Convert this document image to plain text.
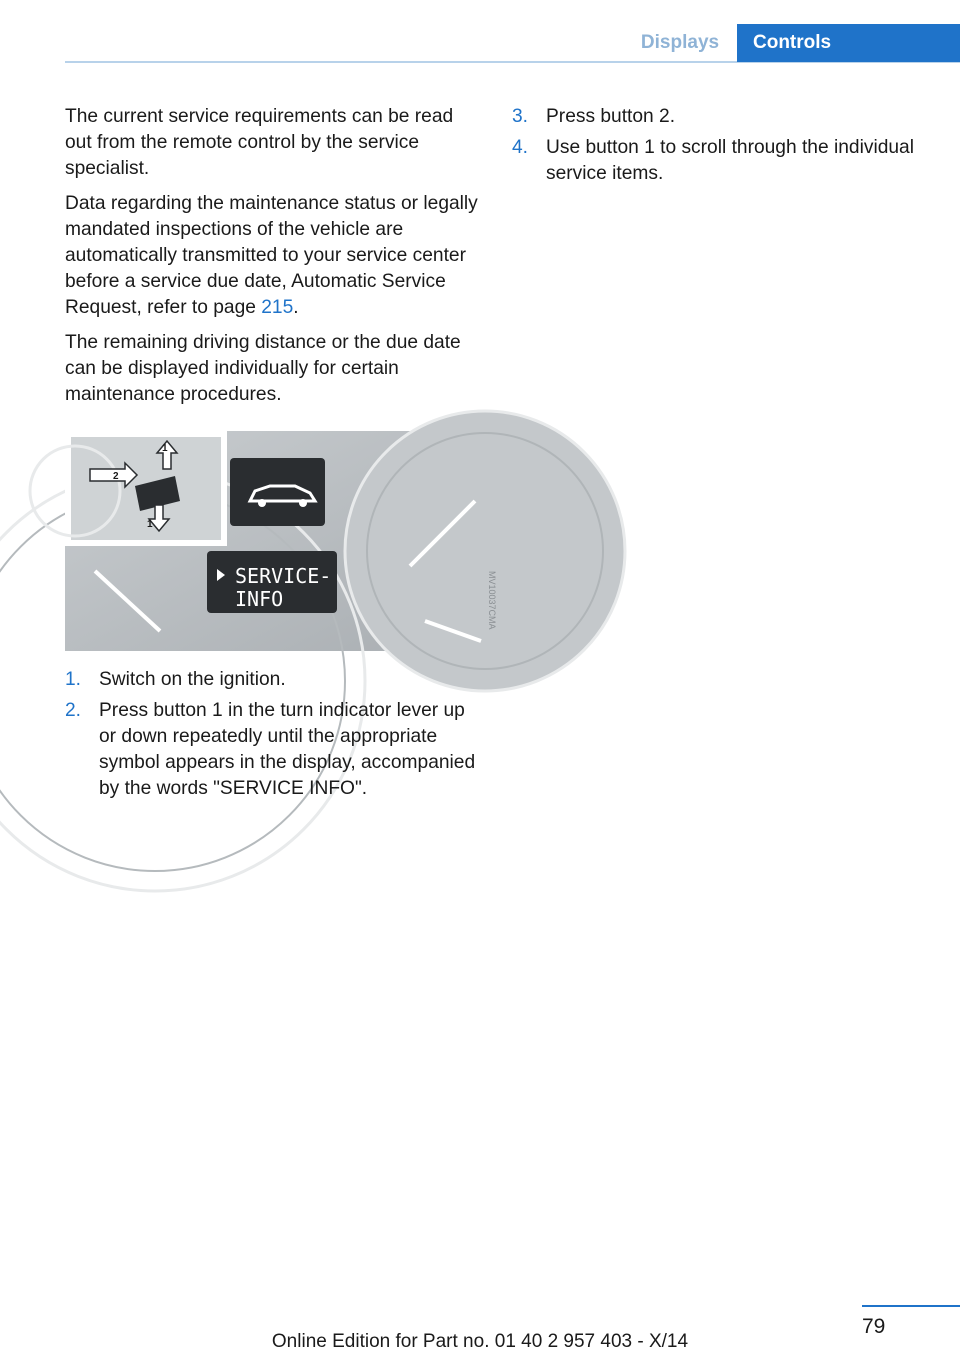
Displays	Controls

The current service requirements can be read out from the remote control by the service specialist.

Data regarding the maintenance status or legally mandated inspections of the vehicle are automatically transmitted to your service center before a service due date, Automatic Service Request, refer to page 215.

The remaining driving distance or the due date can be displayed individually for certain maintenance procedures.

SERVICE-
INFO
1
2
1
MV10037CMA
1. Switch on the ignition.
2. Press button 1 in the turn indicator lever up or down repeatedly until the appropriate symbol appears in the display, accompanied by the words "SERVICE INFO".
3. Press button 2.
4. Use button 1 to scroll through the individual service items.
79
Online Edition for Part no. 01 40 2 957 403 - X/14
